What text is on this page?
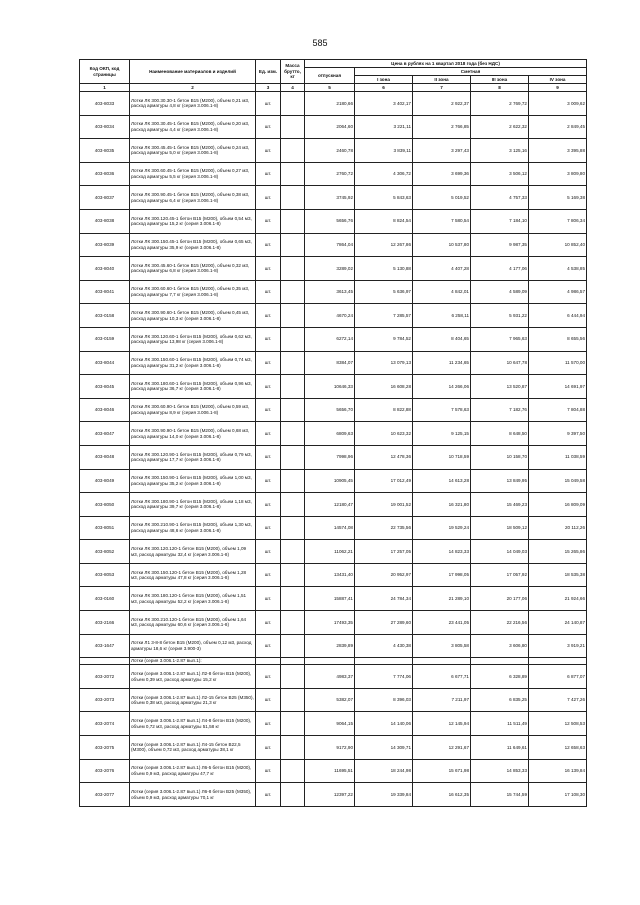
585
Код ОКП, код страницы	Наименование материалов и изделий	Ед. изм.	Масса брутто, кг	Цена в рублях на 1 квартал 2018 года (без НДС)				
				отпускная	Сметная			
					I зона	II зона	III зона	IV зона
1	2	3	4	5	6	7	8	9
403-8033	Лотки ЛК 300.30.30-1 бетон В15 (М200), объем 0,21 м3, расход арматуры 4,8 кг (серия 3.006.1-8)	шт.		2180,66	3 402,17	2 922,37	2 769,72	3 009,62
403-8034	Лотки ЛК 300.30.45-1 бетон В15 (М200), объем 0,20 м3, расход арматуры 4,4 кг (серия 3.006.1-8)	шт.		2064,60	3 221,11	2 766,85	2 622,32	2 849,45
403-8035	Лотки ЛК 300.45.45-1 бетон В15 (М200), объем 0,24 м3, расход арматуры 5,0 кг (серия 3.006.1-8)	шт.		2460,78	3 839,11	3 297,43	3 125,16	3 395,88
403-8036	Лотки ЛК 300.60.45-1 бетон В15 (М200), объем 0,27 м3, расход арматуры 5,5 кг (серия 3.006.1-8)	шт.		2760,72	4 306,72	3 699,36	3 506,12	3 809,80
403-8037	Лотки ЛК 300.90.45-1 бетон В15 (М200), объем 0,38 м3, расход арматуры 6,4 кг (серия 3.006.1-8)	шт.		3745,92	5 843,63	5 019,52	4 757,33	5 169,38
403-8038	Лотки ЛК 300.120.45-1 бетон В15 (М200), объем 0,54 м3, расход арматуры 15,2 кг (серия 3.006.1-8)	шт.		5656,76	8 824,54	7 580,54	7 184,10	7 806,34
403-8039	Лотки ЛК 300.150.45-1 бетон В15 (М200), объем 0,65 м3, расход арматуры 35,9 кг (серия 3.006.1-8)	шт.		7864,04	12 267,86	10 537,80	9 987,35	10 852,40
403-8040	Лотки ЛК 300.45.60-1 бетон В15 (М200), объем 0,32 м3, расход арматуры 6,8 кг (серия 3.006.1-8)	шт.		3289,02	5 130,88	4 407,28	4 177,06	4 538,85
403-8041	Лотки ЛК 300.60.60-1 бетон В15 (М200), объем 0,35 м3, расход арматуры 7,7 кг (серия 3.006.1-8)	шт.		3613,45	5 636,97	4 842,01	4 589,09	4 986,57
403-0158	Лотки ЛК 300.90.60-1 бетон В15 (М200), объем 0,45 м3, расход арматуры 10,3 кг (серия 3.006.1-8)	шт.		4670,24	7 285,57	6 258,11	5 931,22	6 444,94
403-0159	Лотки ЛК 300.120.60-1 бетон В15 (М200), объем 0,62 м3, расход арматуры 13,98 кг (серия 3.006.1-8)	шт.		6272,14	9 784,52	8 404,65	7 965,63	8 655,56
403-8044	Лотки ЛК 300.150.60-1 бетон В15 (М200), объем 0,74 м3, расход арматуры 31,2 кг (серия 3.006.1-8)	шт.		8384,07	13 079,13	11 234,65	10 647,78	11 570,00
403-8045	Лотки ЛК 300.180.60-1 бетон В15 (М200), объем 0,96 м3, расход арматуры 36,7 кг (серия 3.006.1-8)	шт.		10646,33	16 608,28	14 266,06	13 520,87	14 691,97
403-8046	Лотки ЛК 300.60.90-1 бетон В15 (М200), объем 0,59 м3, расход арматуры 8,9 кг (серия 3.006.1-8)	шт.		5656,70	8 822,88	7 578,63	7 182,76	7 804,88
403-8047	Лотки ЛК 300.90.90-1 бетон В15 (М200), объем 0,68 м3, расход арматуры 14,0 кг (серия 3.006.1-8)	шт.		6809,63	10 623,32	9 125,15	8 648,50	9 397,50
403-8048	Лотки ЛК 300.120.90-1 бетон В15 (М200), объем 0,79 м3, расход арматуры 17,7 кг (серия 3.006.1-8)	шт.		7998,96	12 478,36	10 718,59	10 158,70	11 038,59
403-8049	Лотки ЛК 300.150.90-1 бетон В15 (М200), объем 1,00 м3, расход арматуры 35,2 кг (серия 3.006.1-8)	шт.		10905,45	17 012,49	14 613,28	13 849,95	15 049,58
403-8050	Лотки ЛК 300.180.90-1 бетон В15 (М200), объем 1,18 м3, расход арматуры 39,7 кг (серия 3.006.1-8)	шт.		12180,47	19 001,52	16 321,80	15 469,23	16 809,09
403-8051	Лотки ЛК 300.210.90-1 бетон В15 (М200), объем 1,30 м3, расход арматуры 48,6 кг (серия 3.006.1-8)	шт.		14574,08	22 735,56	19 529,24	18 509,12	20 112,26
403-8052	Лотки ЛК 300.120.120-1 бетон В15 (М200), объем 1,09 м3, расход арматуры 32,4 кг (серия 3.006.1-8)	шт.		11062,21	17 257,05	14 823,33	14 049,03	15 265,86
403-8053	Лотки ЛК 300.150.120-1 бетон В15 (М200), объем 1,28 м3, расход арматуры 47,8 кг (серия 3.006.1-8)	шт.		13431,40	20 952,97	17 998,05	17 057,92	18 535,38
403-0160	Лотки ЛК 300.180.120-1 бетон В15 (М200), объем 1,51 м3, расход арматуры 52,2 кг (серия 3.006.1-8)	шт.		15887,41	24 784,34	21 289,10	20 177,06	21 924,66
403-2166	Лотки ЛК 300.210.120-1 бетон В15 (М200), объем 1,64 м3, расход арматуры 60,6 кг (серия 3.006.1-8)	шт.		17493,35	27 289,60	23 441,05	22 216,56	24 140,87
403-1647	Лотки Л1 3-8-8 бетон В15 (М200), объем 0,12 м3, расход арматуры 18,6 кг (серия 3.900-3)	шт.		2839,89	4 430,38	3 805,58	3 606,80	3 919,21
	Лотки (серия 3.006.1-2.87 вып.1):							
403-2072	Лотки (серия 3.006.1-2.87 вып.1) Л2-8 бетон В15 (М200), объем 0,39 м3, расход арматуры 15,2 кг	шт.		4983,37	7 774,06	6 677,71	6 328,89	6 877,07
403-2073	Лотки (серия 3.006.1-2.87 вып.1) Л2-15 бетон В25 (М350), объем 0,38 м3, расход арматуры 21,3 кг	шт.		5382,07	8 396,03	7 211,97	6 835,25	7 427,26
403-2074	Лотки (серия 3.006.1-2.87 вып.1) Л4-8 бетон В15 (М200), объем 0,72 м3, расход арматуры 51,58 кг	шт.		9064,15	14 140,06	12 145,94	11 511,49	12 508,53
403-2075	Лотки (серия 3.006.1-2.87 вып.1) Л4-15 бетон В22,5 (М300), объем 0,72 м3, расход арматуры 38,1 кг	шт.		9172,90	14 309,71	12 291,67	11 649,61	12 658,63
403-2076	Лотки (серия 3.006.1-2.87 вып.1) Л6-5 бетон В15 (М200), объем 0,9 м3, расход арматуры 47,7 кг	шт.		11695,51	18 244,98	15 671,98	14 853,33	16 139,84
403-2077	Лотки (серия 3.006.1-2.87 вып.1) Л6-8 бетон В25 (М350), объем 0,9 м3, расход арматуры 70,1 кг	шт.		12397,22	19 339,84	16 612,35	15 744,59	17 108,30
